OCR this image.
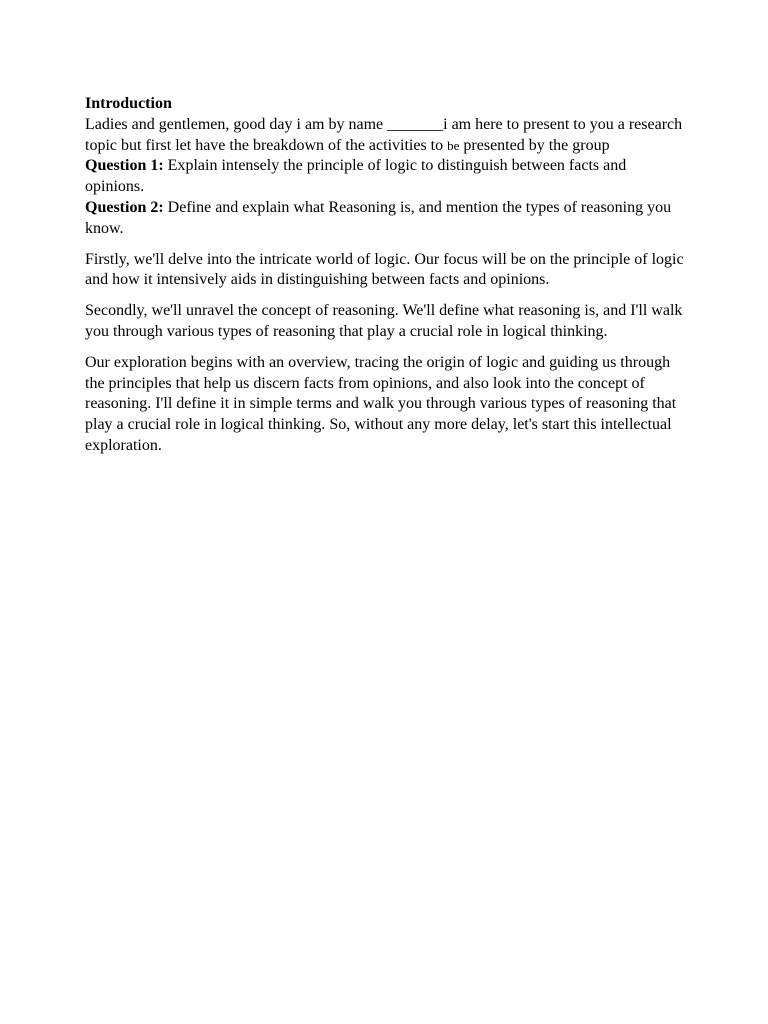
Introduction

Ladies and gentlemen, good day i am by name _______i am here to present to you a research topic but first let have the breakdown of the activities to be presented by the group

Question 1: Explain intensely the principle of logic to distinguish between facts and opinions.

Question 2: Define and explain what Reasoning is, and mention the types of reasoning you know.

Firstly, we'll delve into the intricate world of logic. Our focus will be on the principle of logic and how it intensively aids in distinguishing between facts and opinions.

Secondly, we'll unravel the concept of reasoning. We'll define what reasoning is, and I'll walk you through various types of reasoning that play a crucial role in logical thinking.

Our exploration begins with an overview, tracing the origin of logic and guiding us through the principles that help us discern facts from opinions, and also look into the concept of reasoning. I'll define it in simple terms and walk you through various types of reasoning that play a crucial role in logical thinking. So, without any more delay, let's start this intellectual exploration.
